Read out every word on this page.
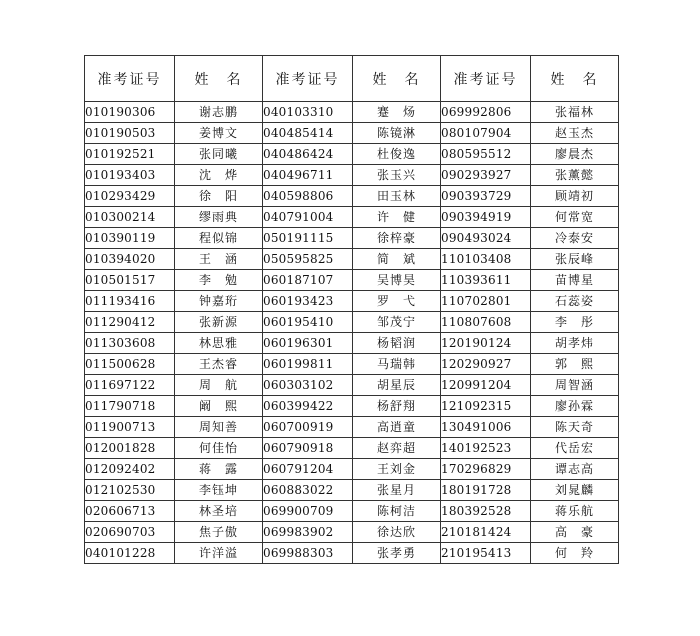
准考证号	姓　名	准考证号	姓　名	准考证号	姓　名
010190306	谢志鹏	040103310	蹇　炀	069992806	张福林
010190503	姜博文	040485414	陈镜淋	080107904	赵玉杰
010192521	张同曦	040486424	杜俊逸	080595512	廖晨杰
010193403	沈　烨	040496711	张玉兴	090293927	张薰懿
010293429	徐　阳	040598806	田玉林	090393729	顾靖初
010300214	缪雨典	040791004	许　健	090394919	何常宽
010390119	程似锦	050191115	徐梓豪	090493024	冷泰安
010394020	王　涵	050595825	简　斌	110103408	张辰峰
010501517	李　勉	060187107	吴博昊	110393611	苗博星
011193416	钟嘉珩	060193423	罗　弋	110702801	石蕊姿
011290412	张新源	060195410	邹茂宁	110807608	李　彤
011303608	林思雅	060196301	杨韬润	120190124	胡孝炜
011500628	王杰睿	060199811	马瑞韩	120290927	郭　熙
011697122	周　航	060303102	胡星辰	120991204	周智涵
011790718	阚　熙	060399422	杨舒翔	121092315	廖孙霖
011900713	周知善	060700919	高逍童	130491006	陈天奇
012001828	何佳怡	060790918	赵弈超	140192523	代岳宏
012092402	蒋　露	060791204	王刘金	170296829	谭志高
012102530	李钰坤	060883022	张星月	180191728	刘晁麟
020606713	林圣培	069900709	陈柯洁	180392528	蒋乐航
020690703	焦子傲	069983902	徐达欣	210181424	高　豪
040101228	许洋溢	069988303	张孝勇	210195413	何　羚
